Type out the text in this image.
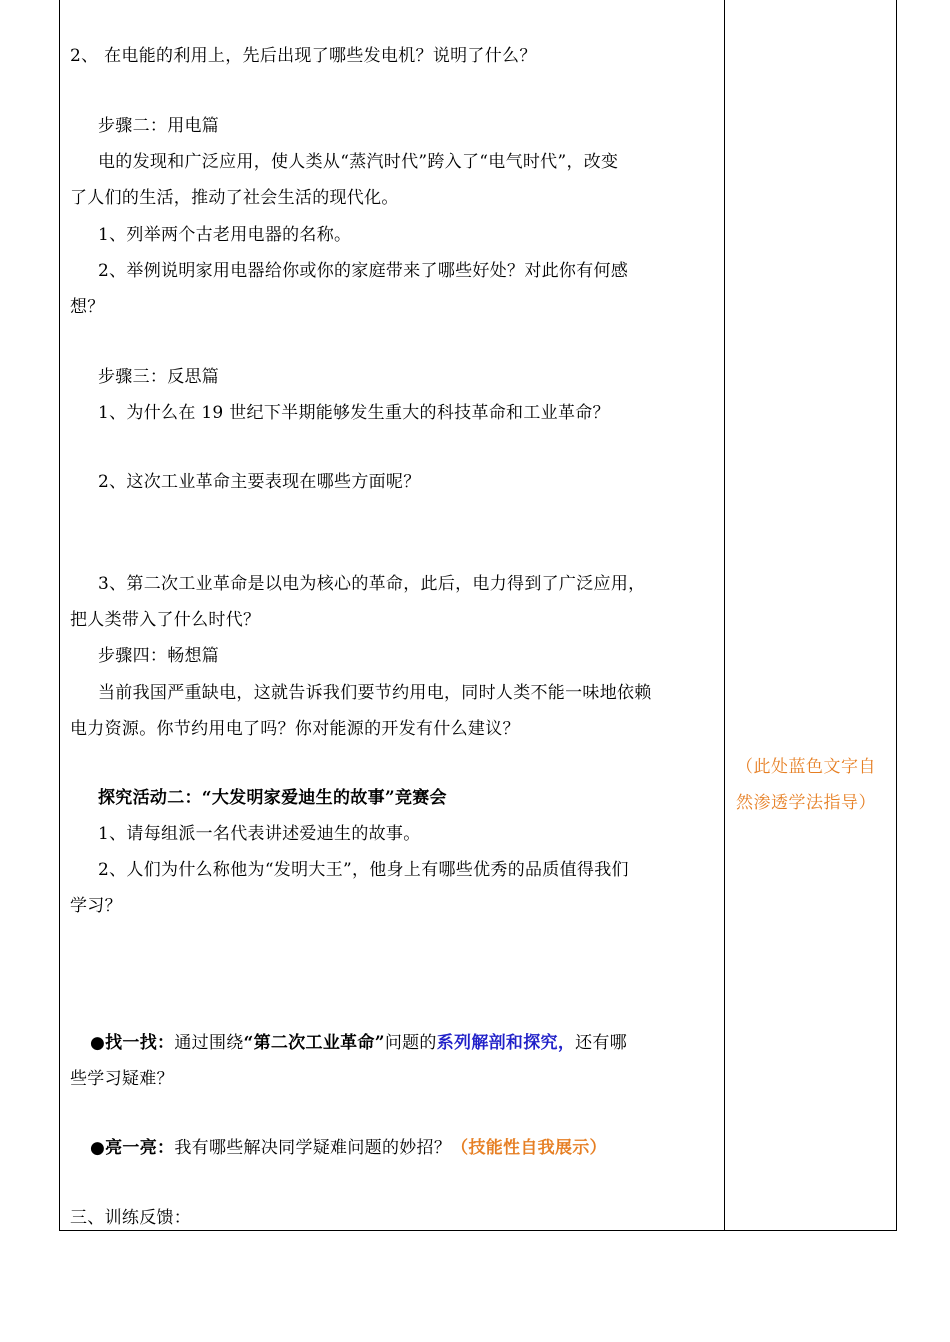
2、 在电能的利用上，先后出现了哪些发电机？说明了什么？
步骤二：用电篇
电的发现和广泛应用，使人类从“蒸汽时代”跨入了“电气时代”，改变
了人们的生活，推动了社会生活的现代化。
1、列举两个古老用电器的名称。
2、举例说明家用电器给你或你的家庭带来了哪些好处？对此你有何感
想？
步骤三：反思篇
1、为什么在 19 世纪下半期能够发生重大的科技革命和工业革命？
2、这次工业革命主要表现在哪些方面呢？
3、第二次工业革命是以电为核心的革命，此后，电力得到了广泛应用，
把人类带入了什么时代？
步骤四：畅想篇
当前我国严重缺电，这就告诉我们要节约用电，同时人类不能一味地依赖
电力资源。你节约用电了吗？你对能源的开发有什么建议？
探究活动二：“大发明家爱迪生的故事”竞赛会
1、请每组派一名代表讲述爱迪生的故事。
2、人们为什么称他为“发明大王”，他身上有哪些优秀的品质值得我们
学习？
●找一找：通过围绕“第二次工业革命”问题的系列解剖和探究，还有哪
些学习疑难？
●亮一亮：我有哪些解决同学疑难问题的妙招？（技能性自我展示）
三、训练反馈：
（此处蓝色文字自
然渗透学法指导）
